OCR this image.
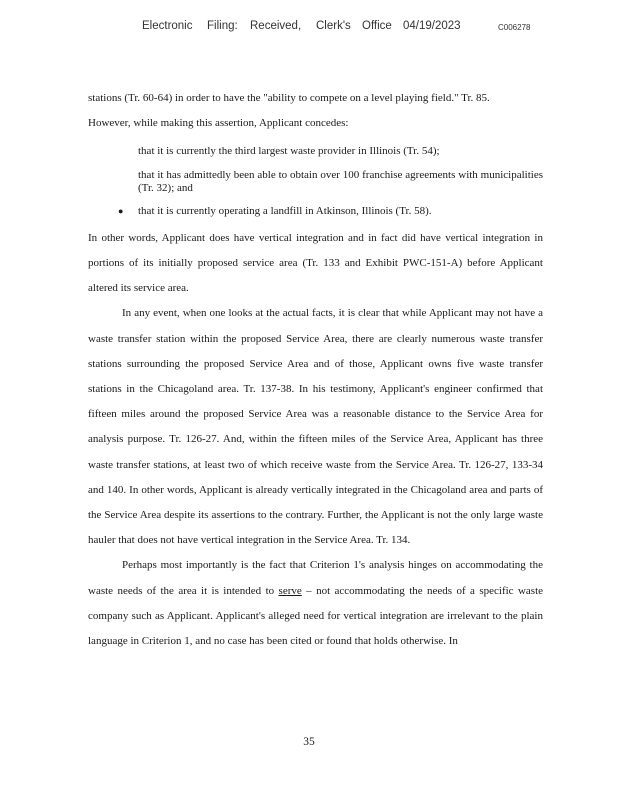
Electronic Filing: Received, Clerk's Office 04/19/2023	C006278

stations (Tr. 60-64) in order to have the "ability to compete on a level playing field." Tr. 85.

However, while making this assertion, Applicant concedes:

that it is currently the third largest waste provider in Illinois (Tr. 54);

that it has admittedly been able to obtain over 100 franchise agreements with municipalities (Tr. 32); and

● that it is currently operating a landfill in Atkinson, Illinois (Tr. 58).

In other words, Applicant does have vertical integration and in fact did have vertical integration in portions of its initially proposed service area (Tr. 133 and Exhibit PWC-151-A) before Applicant altered its service area.

In any event, when one looks at the actual facts, it is clear that while Applicant may not have a waste transfer station within the proposed Service Area, there are clearly numerous waste transfer stations surrounding the proposed Service Area and of those, Applicant owns five waste transfer stations in the Chicagoland area. Tr. 137-38. In his testimony, Applicant's engineer confirmed that fifteen miles around the proposed Service Area was a reasonable distance to the Service Area for analysis purpose. Tr. 126-27. And, within the fifteen miles of the Service Area, Applicant has three waste transfer stations, at least two of which receive waste from the Service Area. Tr. 126-27, 133-34 and 140. In other words, Applicant is already vertically integrated in the Chicagoland area and parts of the Service Area despite its assertions to the contrary. Further, the Applicant is not the only large waste hauler that does not have vertical integration in the Service Area. Tr. 134.

Perhaps most importantly is the fact that Criterion 1's analysis hinges on accommodating the waste needs of the area it is intended to serve – not accommodating the needs of a specific waste company such as Applicant. Applicant's alleged need for vertical integration are irrelevant to the plain language in Criterion 1, and no case has been cited or found that holds otherwise. In

35
